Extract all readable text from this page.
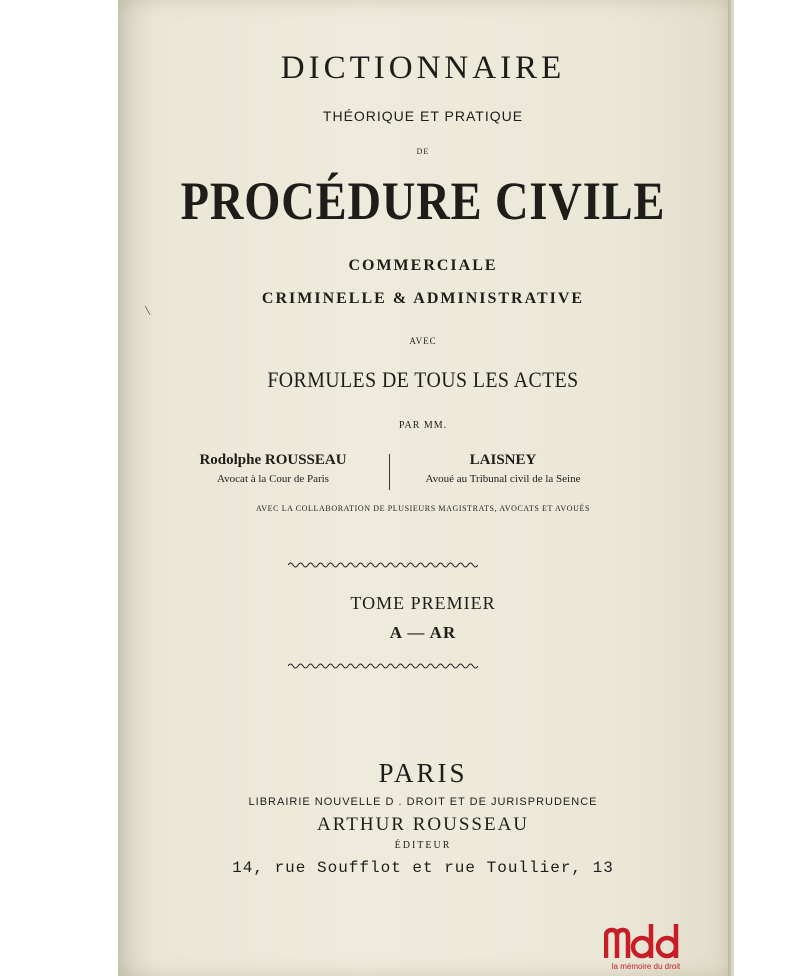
DICTIONNAIRE
THÉORIQUE ET PRATIQUE
DE
PROCÉDURE CIVILE
COMMERCIALE
CRIMINELLE & ADMINISTRATIVE
AVEC
FORMULES DE TOUS LES ACTES
PAR MM.
Rodolphe ROUSSEAU
Avocat à la Cour de Paris
LAISNEY
Avoué au Tribunal civil de la Seine
AVEC LA COLLABORATION DE PLUSIEURS MAGISTRATS, AVOCATS ET AVOUÉS
TOME PREMIER
A — AR
PARIS
LIBRAIRIE NOUVELLE D . DROIT ET DE JURISPRUDENCE
ARTHUR ROUSSEAU
ÉDITEUR
14, rue Soufflot et rue Toullier, 13
\
la mémoire du droit
